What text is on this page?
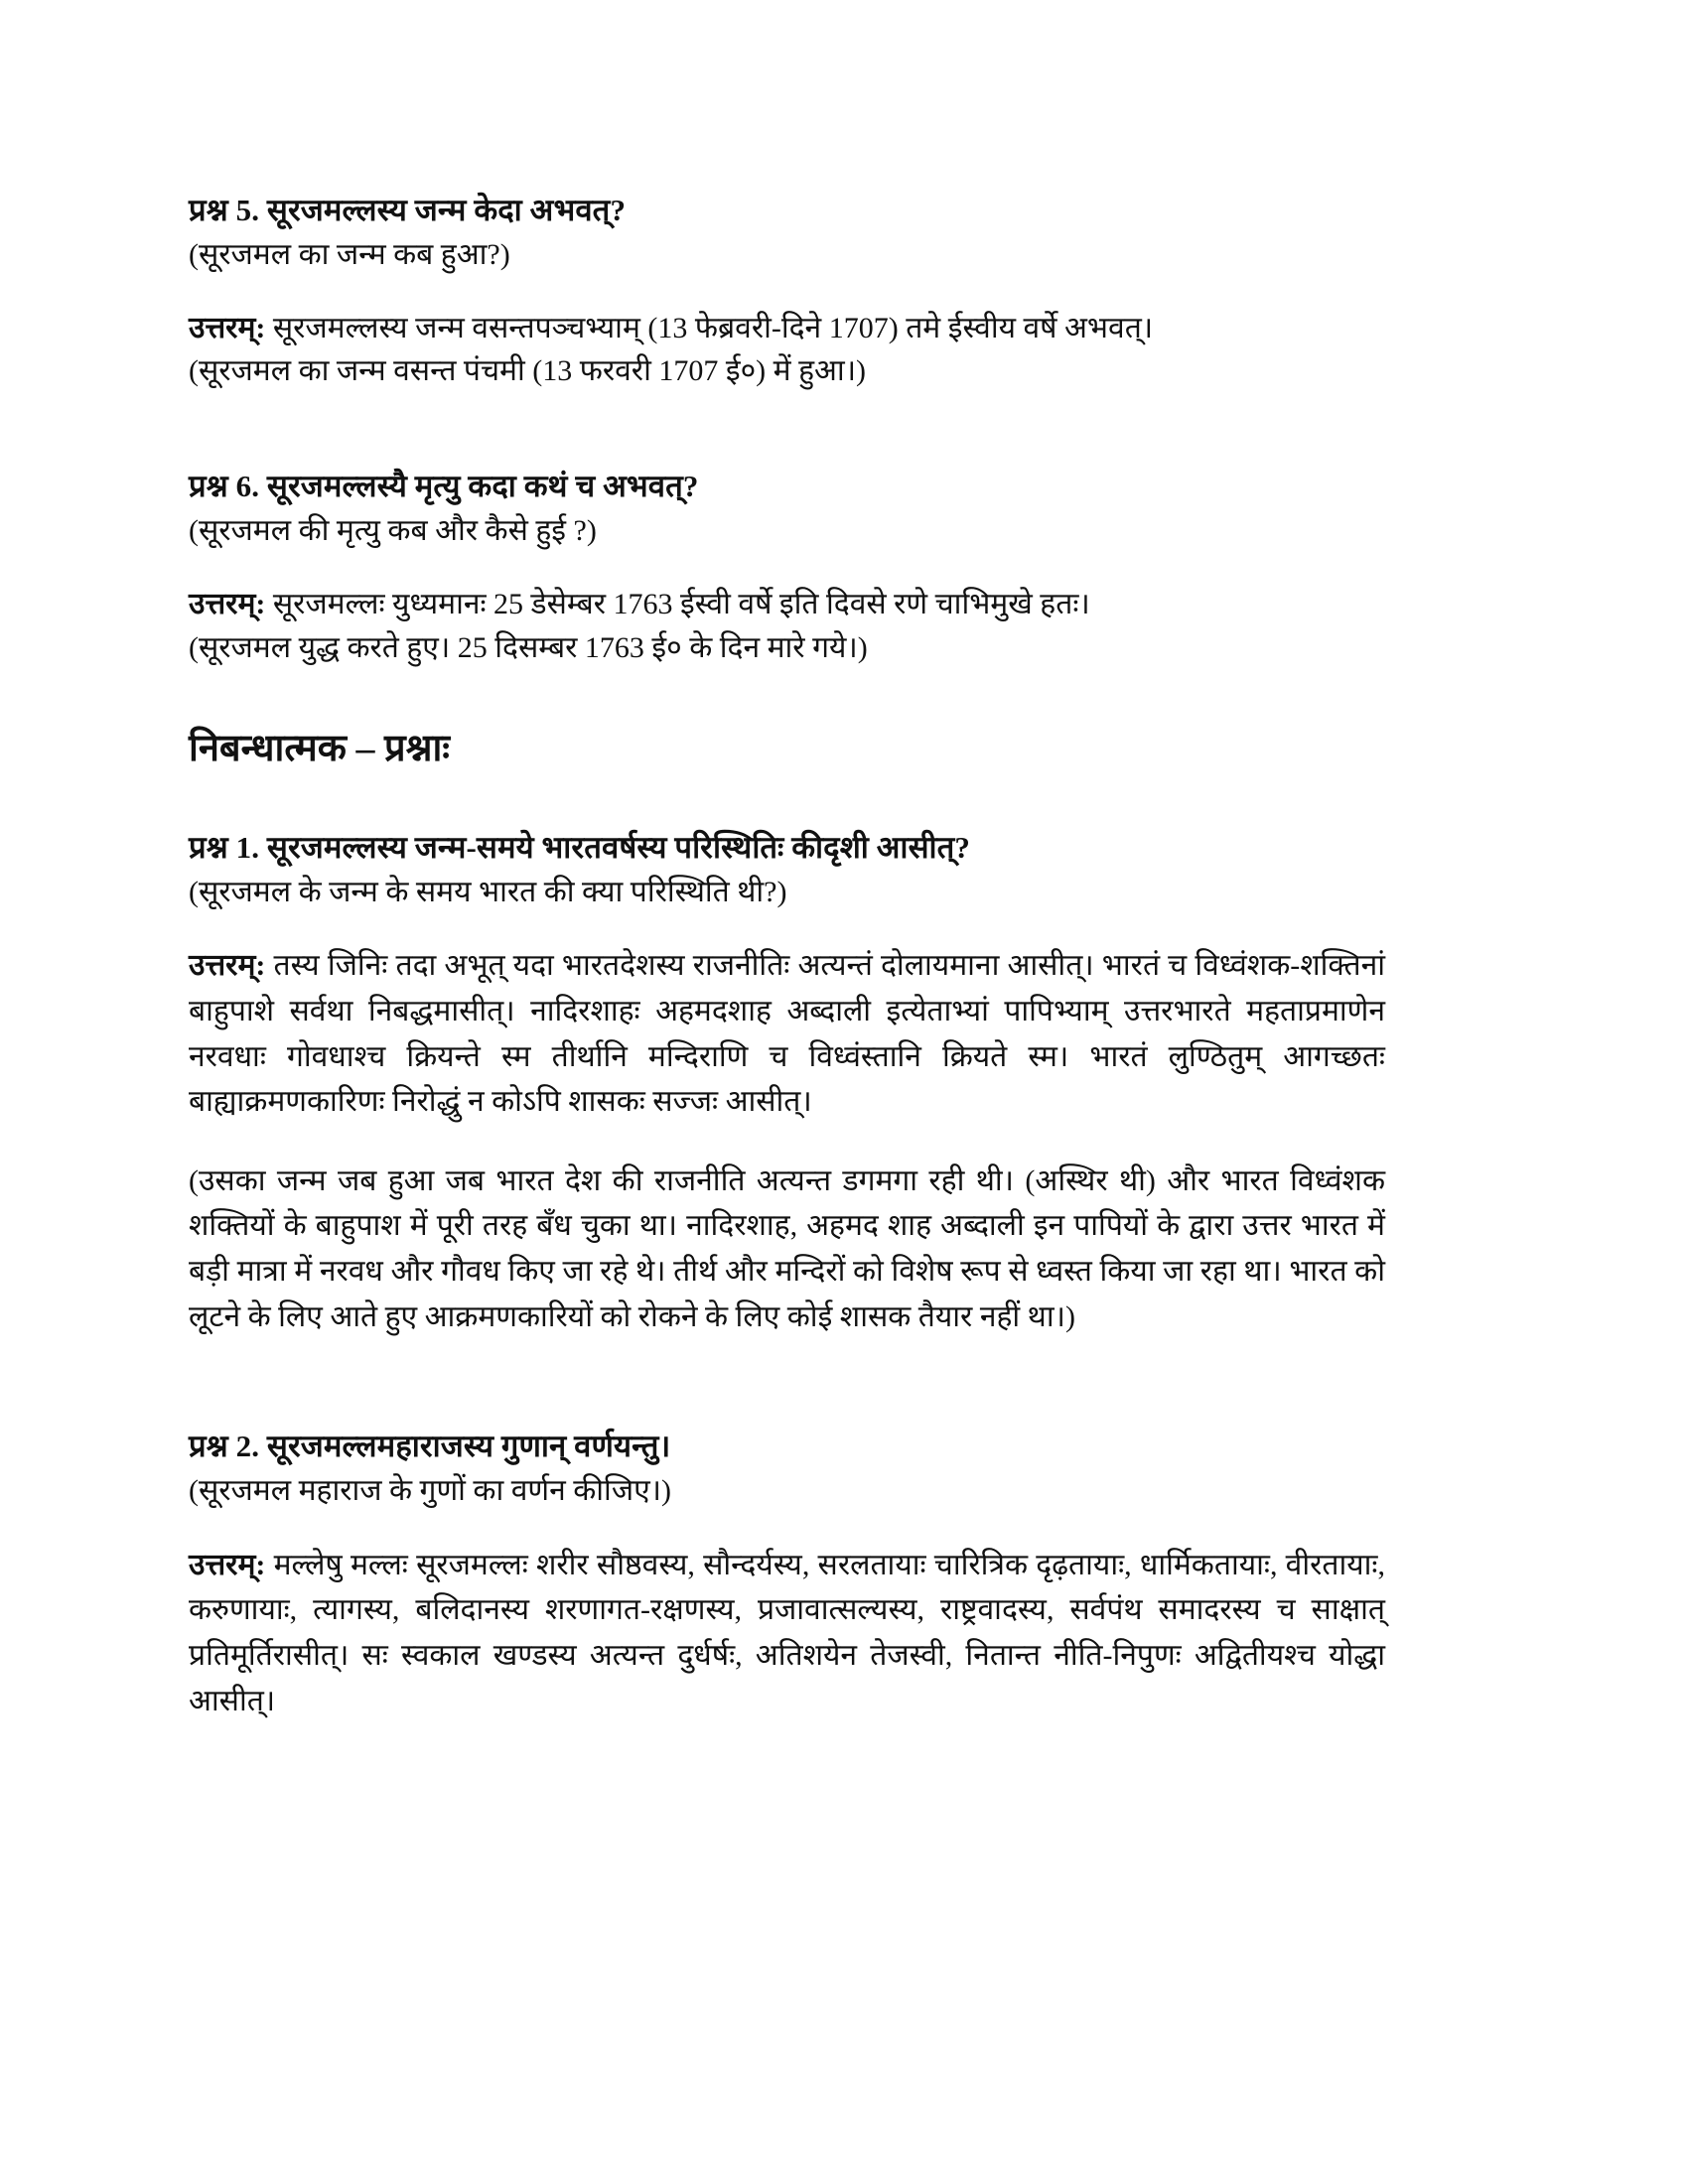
प्रश्न 5. सूरजमल्लस्य जन्म केदा अभवत्?

(सूरजमल का जन्म कब हुआ?)

उत्तरम्‌: सूरजमल्लस्य जन्म वसन्तपञ्चभ्याम् (13 फेब्रवरी-दिने 1707) तमे ईस्वीय वर्षे अभवत्।

(सूरजमल का जन्म वसन्त पंचमी (13 फरवरी 1707 ई०) में हुआ।)

प्रश्न 6. सूरजमल्लस्यै मृत्यु कदा कथं च अभवत्?

(सूरजमल की मृत्यु कब और कैसे हुई ?)

उत्तरम्‌: सूरजमल्लः युध्यमानः 25 डेसेम्बर 1763 ईस्वी वर्षे इति दिवसे रणे चाभिमुखे हतः।

(सूरजमल युद्ध करते हुए। 25 दिसम्बर 1763 ई० के दिन मारे गये।)

निबन्धात्मक – प्रश्नाः

प्रश्न 1. सूरजमल्लस्य जन्म-समये भारतवर्षस्य परिस्थितिः कीदृशी आसीत्?

(सूरजमल के जन्म के समय भारत की क्या परिस्थिति थी?)

उत्तरम्‌: तस्य जिनिः तदा अभूत् यदा भारतदेशस्य राजनीतिः अत्यन्तं दोलायमाना आसीत्। भारतं च विध्वंशक-शक्तिनां बाहुपाशे सर्वथा निबद्धमासीत्। नादिरशाहः अहमदशाह अब्दाली इत्येताभ्यां पापिभ्याम् उत्तरभारते महताप्रमाणेन नरवधाः गोवधाश्च क्रियन्ते स्म तीर्थानि मन्दिराणि च विध्वंस्तानि क्रियते स्म। भारतं लुण्ठितुम् आगच्छतः बाह्याक्रमणकारिणः निरोद्धुं न कोऽपि शासकः सज्जः आसीत्।

(उसका जन्म जब हुआ जब भारत देश की राजनीति अत्यन्त डगमगा रही थी। (अस्थिर थी) और भारत विध्वंशक शक्तियों के बाहुपाश में पूरी तरह बँध चुका था। नादिरशाह, अहमद शाह अब्दाली इन पापियों के द्वारा उत्तर भारत में बड़ी मात्रा में नरवध और गौवध किए जा रहे थे। तीर्थ और मन्दिरों को विशेष रूप से ध्वस्त किया जा रहा था। भारत को लूटने के लिए आते हुए आक्रमणकारियों को रोकने के लिए कोई शासक तैयार नहीं था।)

प्रश्न 2. सूरजमल्लमहाराजस्य गुणान् वर्णयन्तु।

(सूरजमल महाराज के गुणों का वर्णन कीजिए।)

उत्तरम्‌: मल्लेषु मल्लः सूरजमल्लः शरीर सौष्ठवस्य, सौन्दर्यस्य, सरलतायाः चारित्रिक दृढ़तायाः, धार्मिकतायाः, वीरतायाः, करुणायाः, त्यागस्य, बलिदानस्य शरणागत-रक्षणस्य, प्रजावात्सल्यस्य, राष्ट्रवादस्य, सर्वपंथ समादरस्य च साक्षात् प्रतिमूर्तिरासीत्। सः स्वकाल खण्डस्य अत्यन्त दुर्धर्षः, अतिशयेन तेजस्वी, नितान्त नीति-निपुणः अद्वितीयश्च योद्धा आसीत्।
